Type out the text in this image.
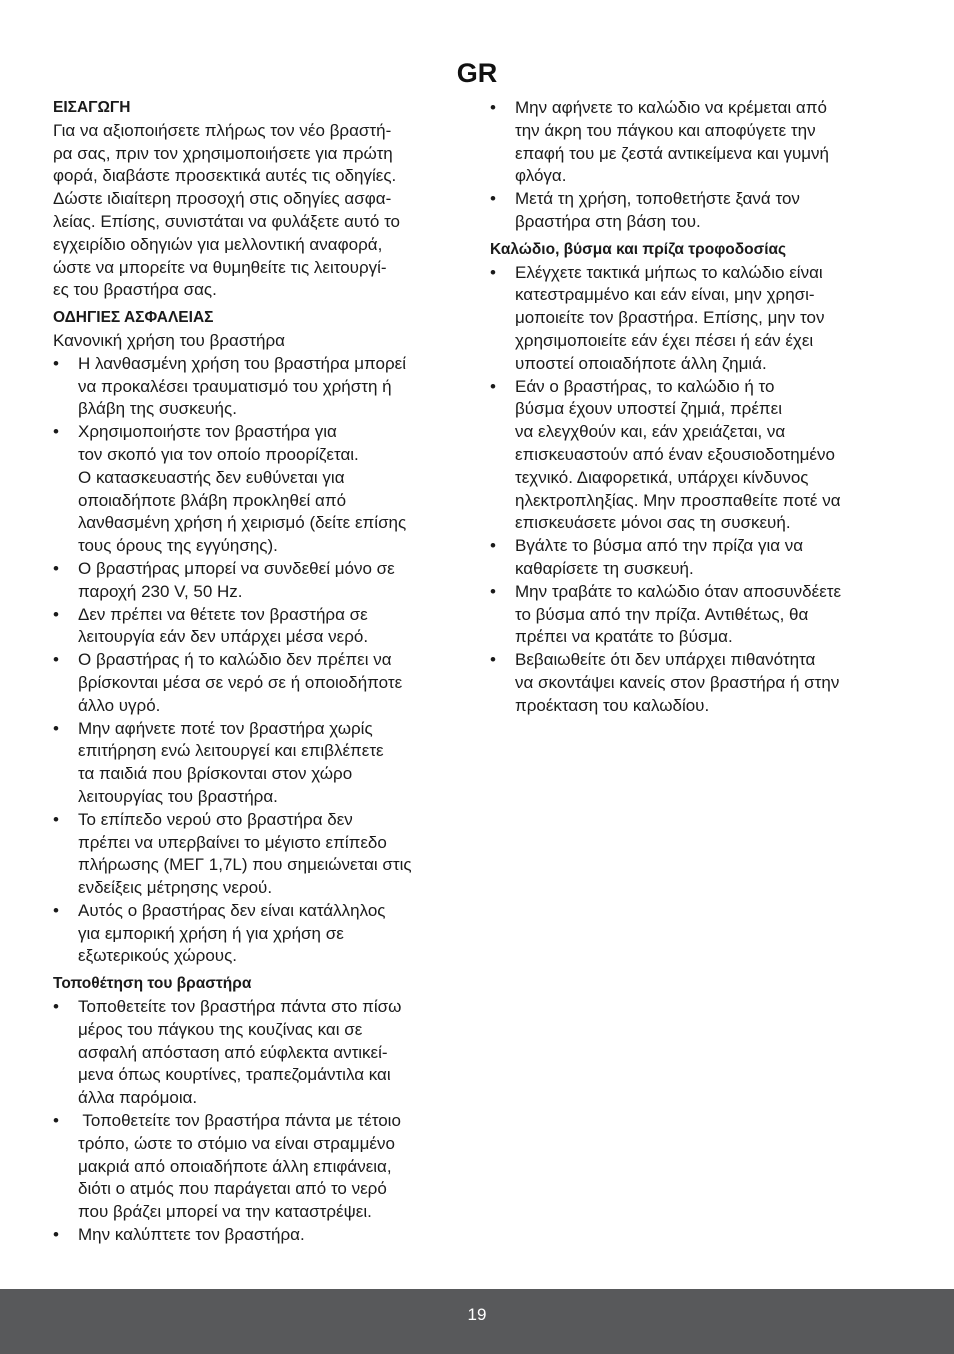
GR
ΕΙΣΑΓΩΓΗ

Για να αξιοποιήσετε πλήρως τον νέο βραστή-
ρα σας, πριν τον χρησιμοποιήσετε για πρώτη
φορά, διαβάστε προσεκτικά αυτές τις οδηγίες.
Δώστε ιδιαίτερη προσοχή στις οδηγίες ασφα-
λείας. Επίσης, συνιστάται να φυλάξετε αυτό το
εγχειρίδιο οδηγιών για μελλοντική αναφορά,
ώστε να μπορείτε να θυμηθείτε τις λειτουργί-
ες του βραστήρα σας.

ΟΔΗΓΙΕΣ ΑΣΦΑΛΕΙΑΣ

Κανονική χρήση του βραστήρα

• Η λανθασμένη χρήση του βραστήρα μπορεί
να προκαλέσει τραυματισμό του χρήστη ή
βλάβη της συσκευής.
• Χρησιμοποιήστε τον βραστήρα για
τον σκοπό για τον οποίο προορίζεται.
Ο κατασκευαστής δεν ευθύνεται για
οποιαδήποτε βλάβη προκληθεί από
λανθασμένη χρήση ή χειρισμό (δείτε επίσης
τους όρους της εγγύησης).
• Ο βραστήρας μπορεί να συνδεθεί μόνο σε
παροχή 230 V, 50 Hz.
• Δεν πρέπει να θέτετε τον βραστήρα σε
λειτουργία εάν δεν υπάρχει μέσα νερό.
• Ο βραστήρας ή το καλώδιο δεν πρέπει να
βρίσκονται μέσα σε νερό σε ή οποιοδήποτε
άλλο υγρό.
• Μην αφήνετε ποτέ τον βραστήρα χωρίς
επιτήρηση ενώ λειτουργεί και επιβλέπετε
τα παιδιά που βρίσκονται στον χώρο
λειτουργίας του βραστήρα.
• Το επίπεδο νερού στο βραστήρα δεν
πρέπει να υπερβαίνει το μέγιστο επίπεδο
πλήρωσης (ΜΕΓ 1,7L) που σημειώνεται στις
ενδείξεις μέτρησης νερού.
• Αυτός ο βραστήρας δεν είναι κατάλληλος
για εμπορική χρήση ή για χρήση σε
εξωτερικούς χώρους.
Τοποθέτηση του βραστήρα
• Τοποθετείτε τον βραστήρα πάντα στο πίσω
μέρος του πάγκου της κουζίνας και σε
ασφαλή απόσταση από εύφλεκτα αντικεί-
μενα όπως κουρτίνες, τραπεζομάντιλα και
άλλα παρόμοια.
•  Τοποθετείτε τον βραστήρα πάντα με τέτοιο
τρόπο, ώστε το στόμιο να είναι στραμμένο
μακριά από οποιαδήποτε άλλη επιφάνεια,
διότι ο ατμός που παράγεται από το νερό
που βράζει μπορεί να την καταστρέψει.
• Μην καλύπτετε τον βραστήρα.
• Μην αφήνετε το καλώδιο να κρέμεται από
την άκρη του πάγκου και αποφύγετε την
επαφή του με ζεστά αντικείμενα και γυμνή
φλόγα.
• Μετά τη χρήση, τοποθετήστε ξανά τον
βραστήρα στη βάση του.
Καλώδιο, βύσμα και πρίζα τροφοδοσίας
• Ελέγχετε τακτικά μήπως το καλώδιο είναι
κατεστραμμένο και εάν είναι, μην χρησι-
μοποιείτε τον βραστήρα. Επίσης, μην τον
χρησιμοποιείτε εάν έχει πέσει ή εάν έχει
υποστεί οποιαδήποτε άλλη ζημιά.
• Εάν ο βραστήρας, το καλώδιο ή το
βύσμα έχουν υποστεί ζημιά, πρέπει
να ελεγχθούν και, εάν χρειάζεται, να
επισκευαστούν από έναν εξουσιοδοτημένο
τεχνικό. Διαφορετικά, υπάρχει κίνδυνος
ηλεκτροπληξίας. Μην προσπαθείτε ποτέ να
επισκευάσετε μόνοι σας τη συσκευή.
• Βγάλτε το βύσμα από την πρίζα για να
καθαρίσετε τη συσκευή.
• Μην τραβάτε το καλώδιο όταν αποσυνδέετε
το βύσμα από την πρίζα. Αντιθέτως, θα
πρέπει να κρατάτε το βύσμα.
• Βεβαιωθείτε ότι δεν υπάρχει πιθανότητα
να σκοντάψει κανείς στον βραστήρα ή στην
προέκταση του καλωδίου.
19
